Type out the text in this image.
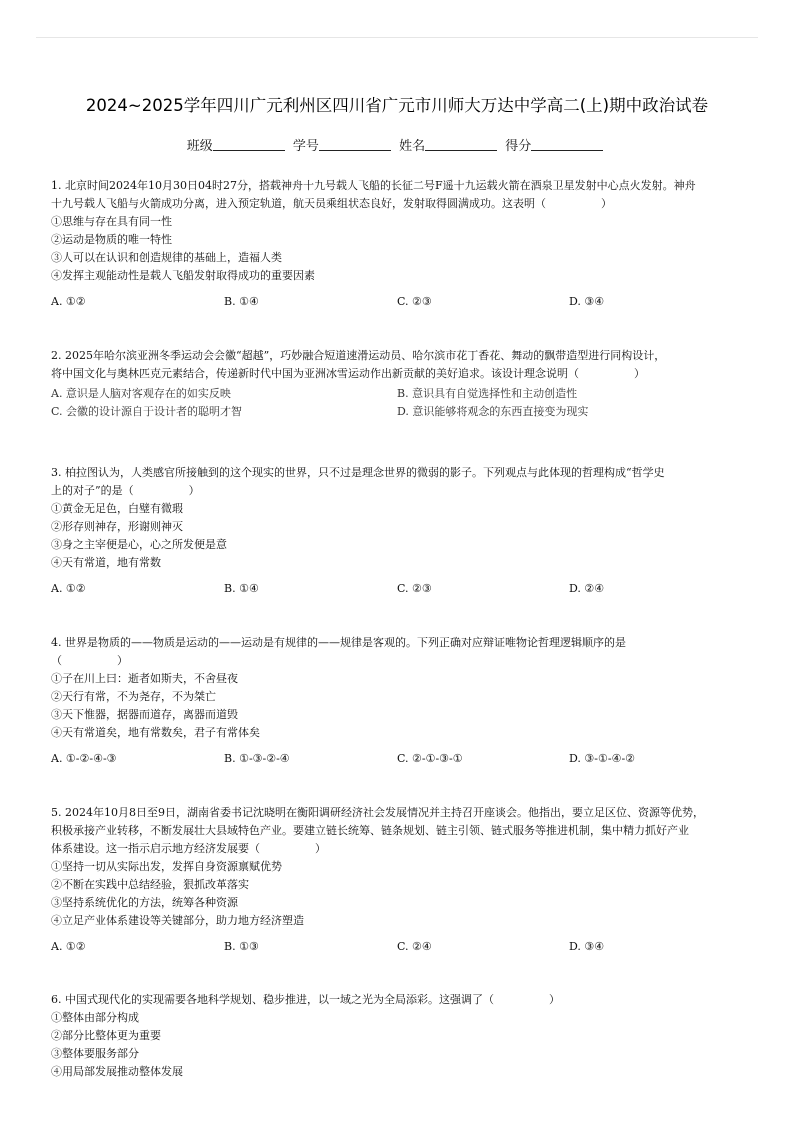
2024~2025学年四川广元利州区四川省广元市川师大万达中学高二(上)期中政治试卷
班级	学号	姓名	得分

1. 北京时间2024年10月30日04时27分，搭载神舟十九号载人飞船的长征二号F遥十九运载火箭在酒泉卫星发射中心点火发射。神舟

十九号载人飞船与火箭成功分离，进入预定轨道，航天员乘组状态良好，发射取得圆满成功。这表明（　　　　　）

①思维与存在具有同一性

②运动是物质的唯一特性

③人可以在认识和创造规律的基础上，造福人类

④发挥主观能动性是载人飞船发射取得成功的重要因素

A. ①②	B. ①④	C. ②③	D. ③④

2. 2025年哈尔滨亚洲冬季运动会会徽“超越”，巧妙融合短道速滑运动员、哈尔滨市花丁香花、舞动的飘带造型进行同构设计，

将中国文化与奥林匹克元素结合，传递新时代中国为亚洲冰雪运动作出新贡献的美好追求。该设计理念说明（　　　　　）

A. 意识是人脑对客观存在的如实反映	B. 意识具有自觉选择性和主动创造性
C. 会徽的设计源自于设计者的聪明才智	D. 意识能够将观念的东西直接变为现实

3. 柏拉图认为，人类感官所接触到的这个现实的世界，只不过是理念世界的微弱的影子。下列观点与此体现的哲理构成“哲学史

上的对子”的是（　　　　　）

①黄金无足色，白璧有微瑕

②形存则神存，形谢则神灭

③身之主宰便是心，心之所发便是意

④天有常道，地有常数

A. ①②	B. ①④	C. ②③	D. ②④

4. 世界是物质的——物质是运动的——运动是有规律的——规律是客观的。下列正确对应辩证唯物论哲理逻辑顺序的是

（　　　　　）

①子在川上曰：逝者如斯夫，不舍昼夜

②天行有常，不为尧存，不为桀亡

③天下惟器，据器而道存，离器而道毁

④天有常道矣，地有常数矣，君子有常体矣

A. ①-②-④-③	B. ①-③-②-④	C. ②-①-③-①	D. ③-①-④-②

5. 2024年10月8日至9日，湖南省委书记沈晓明在衡阳调研经济社会发展情况并主持召开座谈会。他指出，要立足区位、资源等优势，

积极承接产业转移，不断发展壮大县域特色产业。要建立链长统筹、链条规划、链主引领、链式服务等推进机制，集中精力抓好产业

体系建设。这一指示启示地方经济发展要（　　　　　）

①坚持一切从实际出发，发挥自身资源禀赋优势

②不断在实践中总结经验，狠抓改革落实

③坚持系统优化的方法，统筹各种资源

④立足产业体系建设等关键部分，助力地方经济塑造

A. ①②	B. ①③	C. ②④	D. ③④

6. 中国式现代化的实现需要各地科学规划、稳步推进，以一域之光为全局添彩。这强调了（　　　　　）

①整体由部分构成

②部分比整体更为重要

③整体要服务部分

④用局部发展推动整体发展
